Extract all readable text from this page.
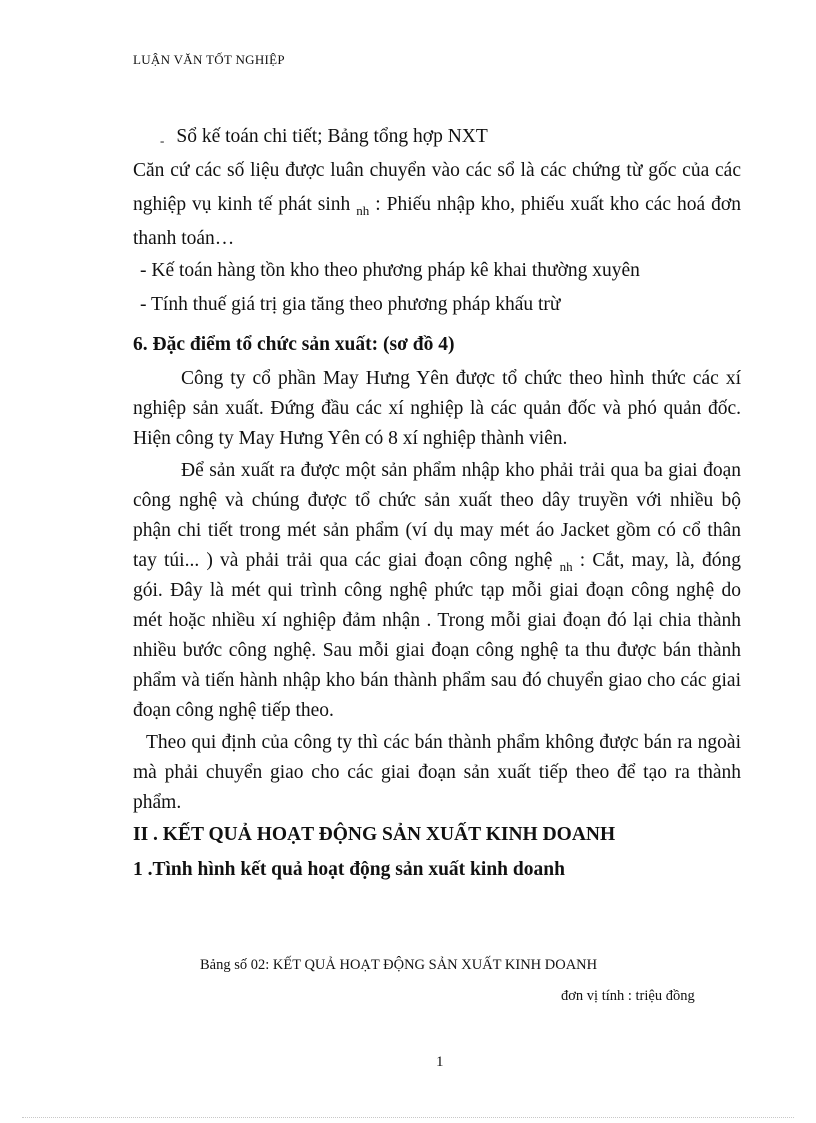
LUẬN VĂN TỐT NGHIỆP
- Sổ kế toán chi tiết; Bảng tổng hợp NXT
Căn cứ các số liệu được luân chuyển vào các sổ là các chứng từ gốc của các
nghiệp vụ kinh tế phát sinh $_{nh}$ : Phiếu nhập kho, phiếu xuất kho các hoá đơn
thanh toán…
- Kế toán hàng tồn kho theo phương pháp kê khai thường xuyên
- Tính thuế giá trị gia tăng theo phương pháp khấu trừ
6. Đặc điểm tổ chức sản xuất: (sơ đồ 4)
Công ty cổ phần May Hưng Yên được tổ chức theo hình thức các xí
nghiệp sản xuất. Đứng đầu các xí nghiệp là các quản đốc và phó quản đốc.
Hiện công ty May Hưng Yên có 8 xí nghiệp thành viên.
Để sản xuất ra được một sản phẩm nhập kho phải trải qua ba giai đoạn
công nghệ và chúng được tổ chức sản xuất theo dây truyền với nhiều bộ
phận chi tiết trong mét sản phẩm (ví dụ may mét áo Jacket gồm có cổ thân
tay túi... ) và phải trải qua các giai đoạn công nghệ $_{nh}$ : Cắt, may, là, đóng
gói. Đây là mét qui trình công nghệ phức tạp mỗi giai đoạn công nghệ do
mét hoặc nhiều xí nghiệp đảm nhận . Trong mỗi giai đoạn đó lại chia thành
nhiều bước công nghệ. Sau mỗi giai đoạn công nghệ ta thu được bán thành
phẩm và tiến hành nhập kho bán thành phẩm sau đó chuyển giao cho các giai
đoạn công nghệ tiếp theo.
Theo qui định của công ty thì các bán thành phẩm không được bán ra ngoài
mà phải chuyển giao cho các giai đoạn sản xuất tiếp theo để tạo ra thành
phẩm.
II . KẾT QUẢ HOẠT ĐỘNG SẢN XUẤT KINH DOANH
1 .Tình hình kết quả hoạt động sản xuất kinh doanh
Bảng số 02: KẾT QUẢ HOẠT ĐỘNG SẢN XUẤT KINH DOANH
đơn vị tính : triệu đồng
1
